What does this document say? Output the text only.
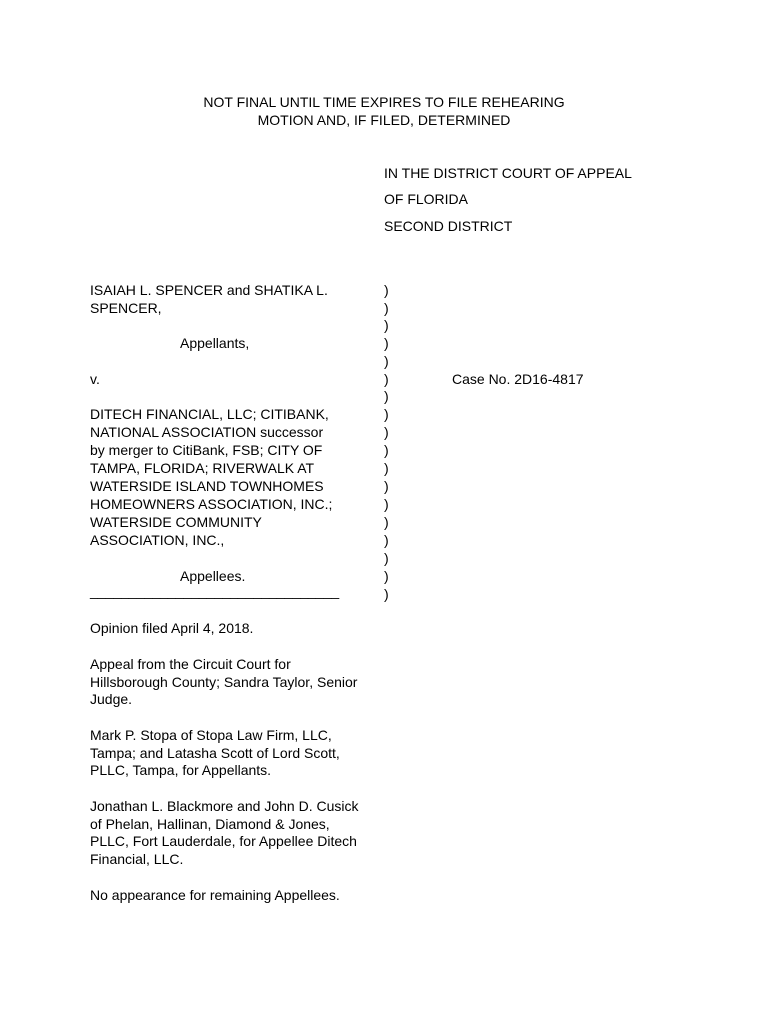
NOT FINAL UNTIL TIME EXPIRES TO FILE REHEARING
MOTION AND, IF FILED, DETERMINED
IN THE DISTRICT COURT OF APPEAL
OF FLORIDA
SECOND DISTRICT
ISAIAH L. SPENCER and SHATIKA L.
SPENCER,
Appellants,
v.	Case No. 2D16-4817
DITECH FINANCIAL, LLC; CITIBANK,
NATIONAL ASSOCIATION successor
by merger to CitiBank, FSB; CITY OF
TAMPA, FLORIDA; RIVERWALK AT
WATERSIDE ISLAND TOWNHOMES
HOMEOWNERS ASSOCIATION, INC.;
WATERSIDE COMMUNITY
ASSOCIATION, INC.,
Appellees.
________________________________
)
)
)
)
)
)
)
)
)
)
)
)
)
)
)
)
)
)
Opinion filed April 4, 2018.
Appeal from the Circuit Court for
Hillsborough County; Sandra Taylor, Senior
Judge.
Mark P. Stopa of Stopa Law Firm, LLC,
Tampa; and Latasha Scott of Lord Scott,
PLLC, Tampa, for Appellants.
Jonathan L. Blackmore and John D. Cusick
of Phelan, Hallinan, Diamond & Jones,
PLLC, Fort Lauderdale, for Appellee Ditech
Financial, LLC.
No appearance for remaining Appellees.
